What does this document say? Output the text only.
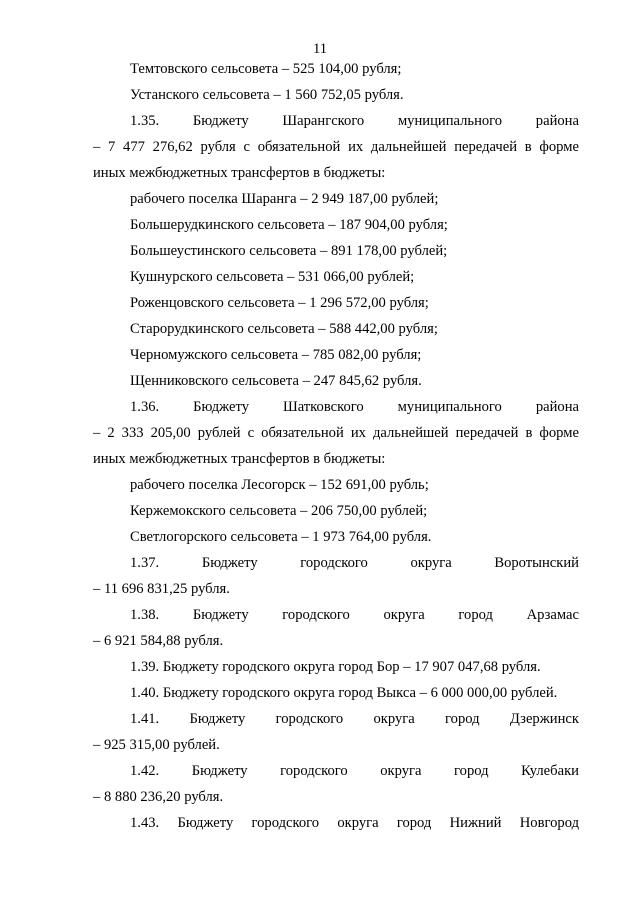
11
Темтовского сельсовета – 525 104,00 рубля;
Устанского сельсовета – 1 560 752,05 рубля.
1.35. Бюджету Шарангского муниципального района
– 7 477 276,62 рубля с обязательной их дальнейшей передачей в форме
иных межбюджетных трансфертов в бюджеты:
рабочего поселка Шаранга – 2 949 187,00 рублей;
Большерудкинского сельсовета – 187 904,00 рубля;
Большеустинского сельсовета – 891 178,00 рублей;
Кушнурского сельсовета – 531 066,00 рублей;
Роженцовского сельсовета – 1 296 572,00 рубля;
Старорудкинского сельсовета – 588 442,00 рубля;
Черномужского сельсовета – 785 082,00 рубля;
Щенниковского сельсовета – 247 845,62 рубля.
1.36. Бюджету Шатковского муниципального района
– 2 333 205,00 рублей с обязательной их дальнейшей передачей в форме
иных межбюджетных трансфертов в бюджеты:
рабочего поселка Лесогорск – 152 691,00 рубль;
Кержемокского сельсовета – 206 750,00 рублей;
Светлогорского сельсовета – 1 973 764,00 рубля.
1.37.	Бюджету	городского	округа	Воротынский
– 11 696 831,25 рубля.
1.38. Бюджету городского округа город Арзамас
– 6 921 584,88 рубля.
1.39. Бюджету городского округа город Бор – 17 907 047,68 рубля.
1.40. Бюджету городского округа город Выкса – 6 000 000,00 рублей.
1.41. Бюджету городского округа город Дзержинск
– 925 315,00 рублей.
1.42. Бюджету городского округа город Кулебаки
– 8 880 236,20 рубля.
1.43. Бюджету городского округа город Нижний Новгород
